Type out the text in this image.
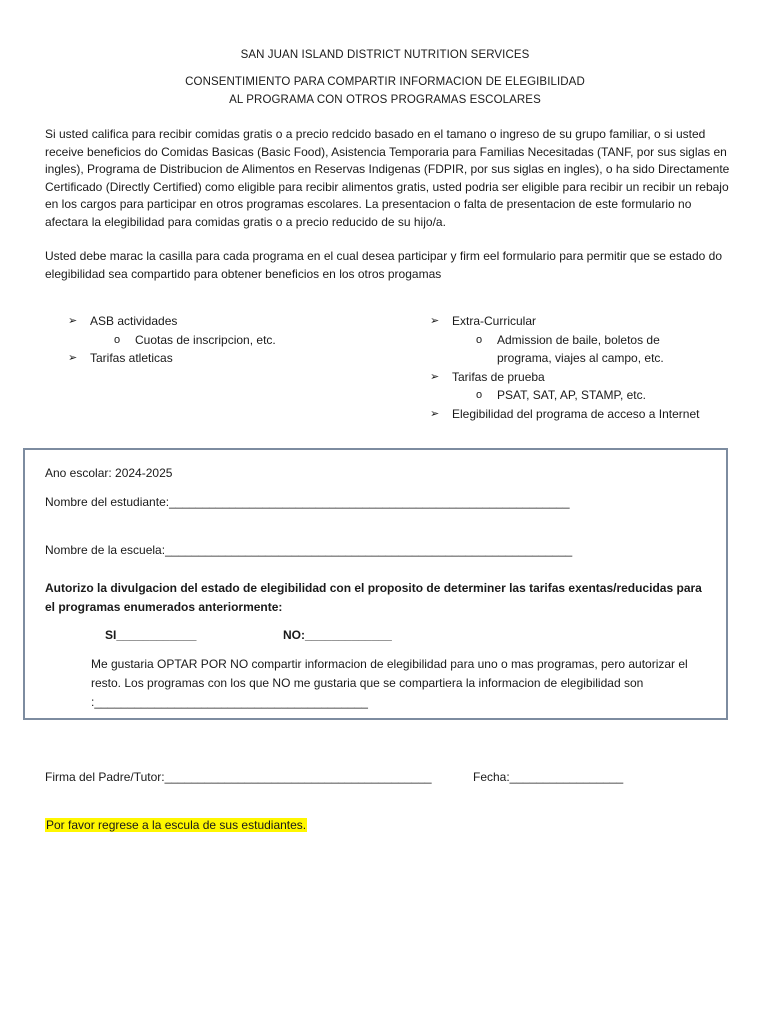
SAN JUAN ISLAND DISTRICT NUTRITION SERVICES
CONSENTIMIENTO PARA COMPARTIR INFORMACION DE ELEGIBILIDAD
AL PROGRAMA CON OTROS PROGRAMAS ESCOLARES
Si usted califica para recibir comidas gratis o a precio redcido basado en el tamano o ingreso de su grupo familiar, o si usted receive beneficios do Comidas Basicas (Basic Food), Asistencia Temporaria para Familias Necesitadas (TANF, por sus siglas en ingles), Programa de Distribucion de Alimentos en Reservas Indigenas (FDPIR, por sus siglas en ingles), o ha sido Directamente Certificado (Directly Certified) como eligible para recibir alimentos gratis, usted podria ser eligible para recibir un recibir un rebajo en los cargos para participar en otros programas escolares. La presentacion o falta de presentacion de este formulario no afectara la elegibilidad para comidas gratis o a precio reducido de su hijo/a.
Usted debe marac la casilla para cada programa en el cual desea participar y firm eel formulario para permitir que se estado do elegibilidad sea compartido para obtener beneficios en los otros progamas
➢	ASB actividades
o Cuotas de inscripcion, etc.
➢	Tarifas atleticas
➢	Extra-Curricular
o Admission de baile, boletos de
programa, viajes al campo, etc.
➢	Tarifas de prueba
o PSAT, SAT, AP, STAMP, etc.
➢	Elegibilidad del programa de acceso a Internet
Ano escolar: 2024-2025
Nombre del estudiante:____________________________________________________________
Nombre de la escuela:_____________________________________________________________
Autorizo la divulgacion del estado de elegibilidad con el proposito de determiner las tarifas exentas/reducidas para el programas enumerados anteriormente:
SI____________	NO:_____________
Me gustaria OPTAR POR NO compartir informacion de elegibilidad para uno o mas programas, pero autorizar el resto. Los programas con los que NO me gustaria que se compartiera la informacion de elegibilidad son
:_________________________________________
Firma del Padre/Tutor:________________________________________	Fecha:_________________
Por favor regrese a la escula de sus estudiantes.
